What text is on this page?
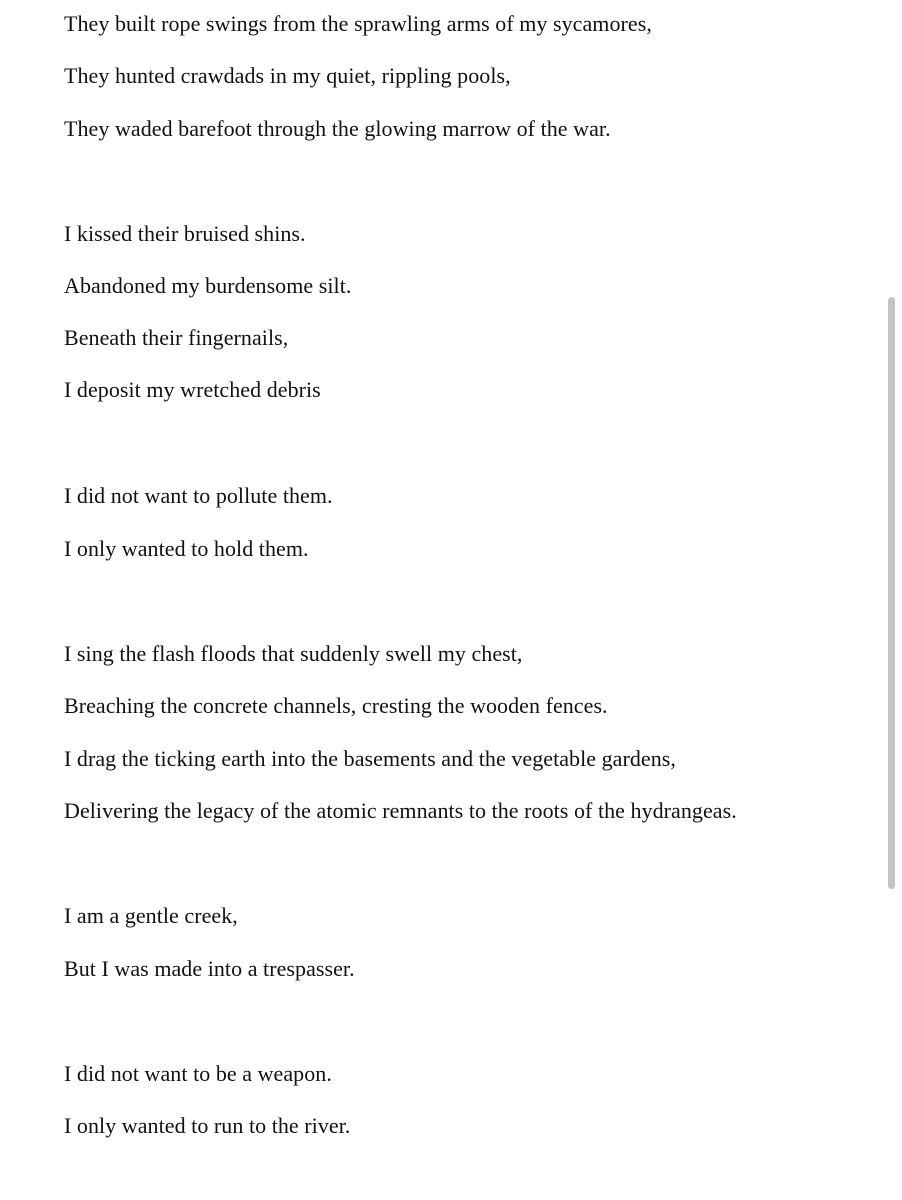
They built rope swings from the sprawling arms of my sycamores,

They hunted crawdads in my quiet, rippling pools,

They waded barefoot through the glowing marrow of the war.

I kissed their bruised shins.

Abandoned my burdensome silt.

Beneath their fingernails,

I deposit my wretched debris

I did not want to pollute them.

I only wanted to hold them.

I sing the flash floods that suddenly swell my chest,

Breaching the concrete channels, cresting the wooden fences.

I drag the ticking earth into the basements and the vegetable gardens,

Delivering the legacy of the atomic remnants to the roots of the hydrangeas.

I am a gentle creek,

But I was made into a trespasser.

I did not want to be a weapon.

I only wanted to run to the river.
